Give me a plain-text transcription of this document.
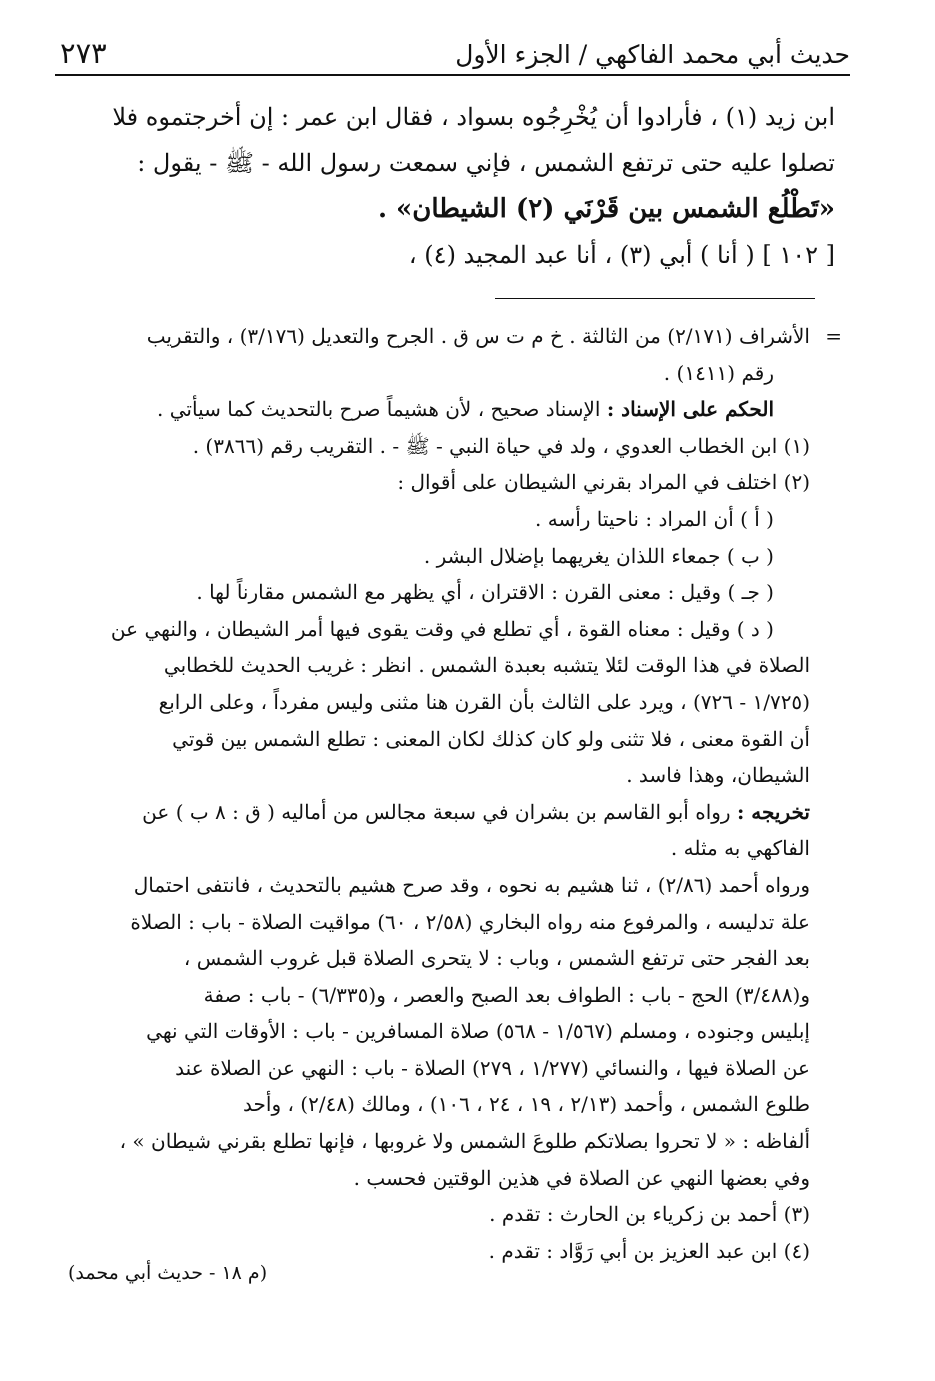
٢٧٣	حديث أبي محمد الفاكهي / الجزء الأول
ابن زيد (١) ، فأرادوا أن يُخْرِجُوه بسواد ، فقال ابن عمر : إن أخرجتموه فلا
تصلوا عليه حتى ترتفع الشمس ، فإني سمعت رسول الله - ﷺ - يقول :
«تَطْلُع الشمس بين قَرْنَي (٢) الشيطان» .
[ ١٠٢ ] ( أنا ) أبي (٣) ، أنا عبد المجيد (٤) ،
=
الأشراف (٢/١٧١) من الثالثة . خ م ت س ق . الجرح والتعديل (٣/١٧٦) ، والتقريب
رقم (١٤١١) .
الحكم على الإسناد : الإسناد صحيح ، لأن هشيماً صرح بالتحديث كما سيأتي .
(١) ابن الخطاب العدوي ، ولد في حياة النبي - ﷺ - . التقريب رقم (٣٨٦٦) .
(٢) اختلف في المراد بقرني الشيطان على أقوال :
( أ ) أن المراد : ناحيتا رأسه .
( ب ) جمعاء اللذان يغريهما بإضلال البشر .
( جـ ) وقيل : معنى القرن : الاقتران ، أي يظهر مع الشمس مقارناً لها .
( د ) وقيل : معناه القوة ، أي تطلع في وقت يقوى فيها أمر الشيطان ، والنهي عن
الصلاة في هذا الوقت لئلا يتشبه بعبدة الشمس . انظر : غريب الحديث للخطابي
(١/٧٢٥ - ٧٢٦) ، ويرد على الثالث بأن القرن هنا مثنى وليس مفرداً ، وعلى الرابع
أن القوة معنى ، فلا تثنى ولو كان كذلك لكان المعنى : تطلع الشمس بين قوتي
الشيطان، وهذا فاسد .
تخريجه : رواه أبو القاسم بن بشران في سبعة مجالس من أماليه ( ق : ٨ ب ) عن
الفاكهي به مثله .
ورواه أحمد (٢/٨٦) ، ثنا هشيم به نحوه ، وقد صرح هشيم بالتحديث ، فانتفى احتمال
علة تدليسه ، والمرفوع منه رواه البخاري (٢/٥٨ ، ٦٠) مواقيت الصلاة - باب : الصلاة
بعد الفجر حتى ترتفع الشمس ، وباب : لا يتحرى الصلاة قبل غروب الشمس ،
و(٣/٤٨٨) الحج - باب : الطواف بعد الصبح والعصر ، و(٦/٣٣٥) - باب : صفة
إبليس وجنوده ، ومسلم (١/٥٦٧ - ٥٦٨) صلاة المسافرين - باب : الأوقات التي نهي
عن الصلاة فيها ، والنسائي (١/٢٧٧ ، ٢٧٩) الصلاة - باب : النهي عن الصلاة عند
طلوع الشمس ، وأحمد (٢/١٣ ، ١٩ ، ٢٤ ، ١٠٦) ، ومالك (٢/٤٨) ، وأحد
ألفاظه : « لا تحروا بصلاتكم طلوعَ الشمس ولا غروبها ، فإنها تطلع بقرني شيطان » ،
وفي بعضها النهي عن الصلاة في هذين الوقتين فحسب .
(٣) أحمد بن زكرياء بن الحارث : تقدم .
(٤) ابن عبد العزيز بن أبي رَوَّاد : تقدم .
(م ١٨ - حديث أبي محمد)
